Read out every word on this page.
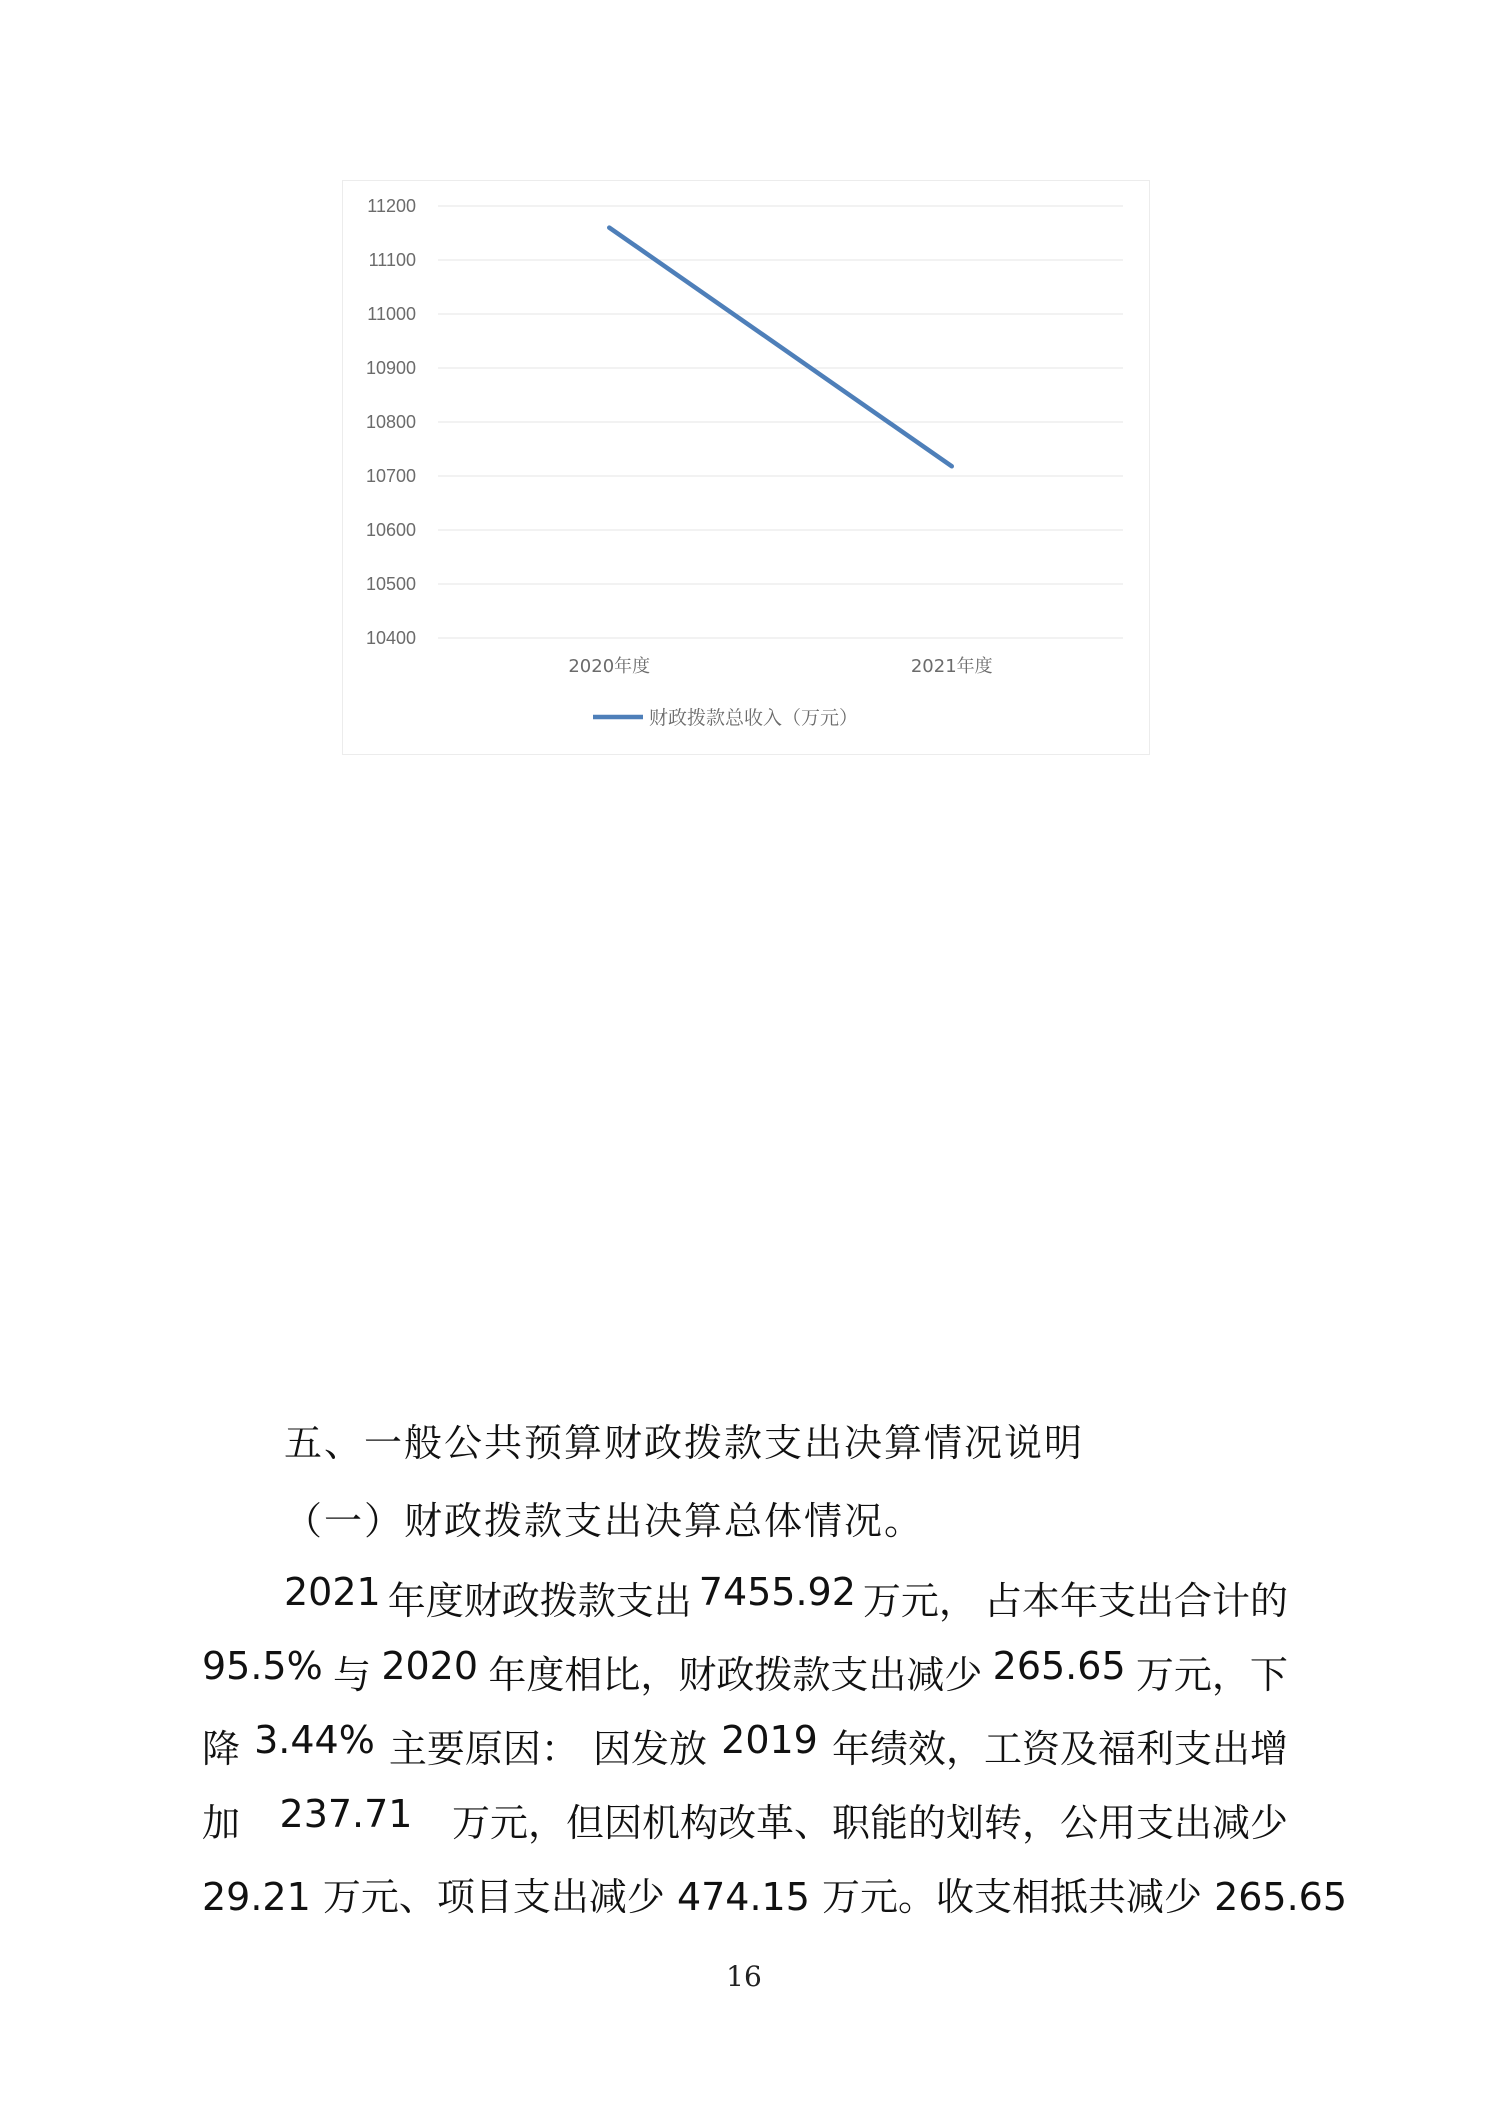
11200
11100
11000
10900
10800
10700
10600
10500
10400
2020年度	2021年度
财政拨款总收入（万元）
五、一般公共预算财政拨款支出决算情况说明
（一）财政拨款支出决算总体情况。
2021 年度财政拨款支出 7455.92 万元， 占本年支出合计的
95.5% 与 2020 年度相比，财政拨款支出减少 265.65 万元，下
降 3.44% 主要原因： 因发放 2019 年绩效，工资及福利支出增
加 237.71 万元，但因机构改革、职能的划转，公用支出减少
29.21 万元、项目支出减少 474.15 万元。收支相抵共减少 265.65
16
